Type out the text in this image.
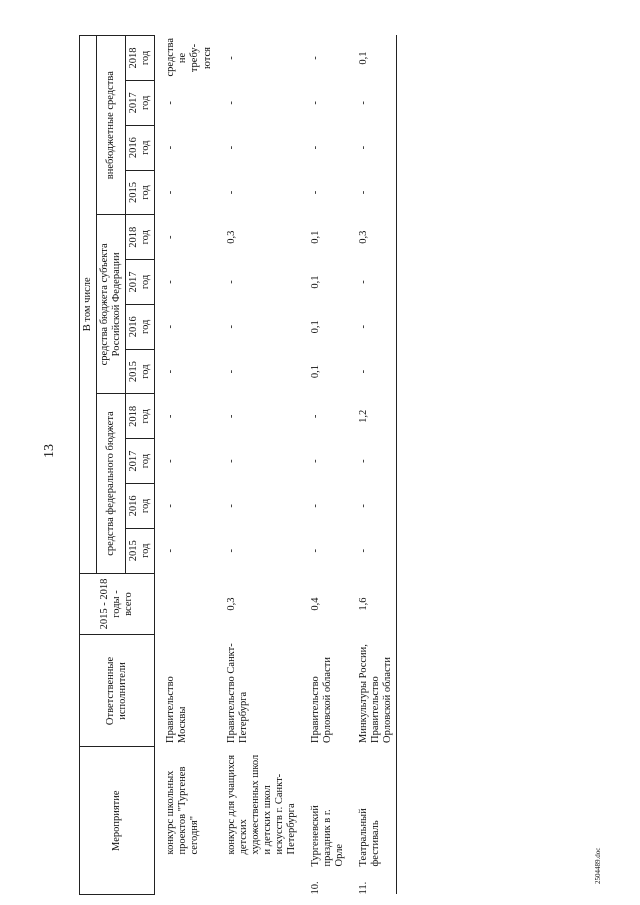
13
Мероприятие	Ответственные исполнители	2015 - 2018 годы - всего	В том числе											
			средства федерального бюджета				средства бюджета субъекта Российской Федерации				внебюджетные средства			
			2015 год	2016 год	2017 год	2018 год	2015 год	2016 год	2017 год	2018 год	2015 год	2016 год	2017 год	2018 год
конкурс школьных проектов "Тургенев сегодня"	Правительство Москвы		-	-	-	-	-	-	-	-	-	-	-	средства не требу-ются
конкурс для учащихся детских художественных школ и детских школ искусств г. Санкт-Петербурга	Правительство Санкт-Петербурга	0,3	-	-	-	-	-	-	-	0,3	-	-	-	-
10.Тургеневский праздник в г. Орле	Правительство Орловской области	0,4	-	-	-	-	0,1	0,1	0,1	0,1	-	-	-	-
11.Театральный фестиваль	Минкультуры России, Правительство Орловской области	1,6	-	-	-	1,2	-	-	-	0,3	-	-	-	0,1
2504489.doc
